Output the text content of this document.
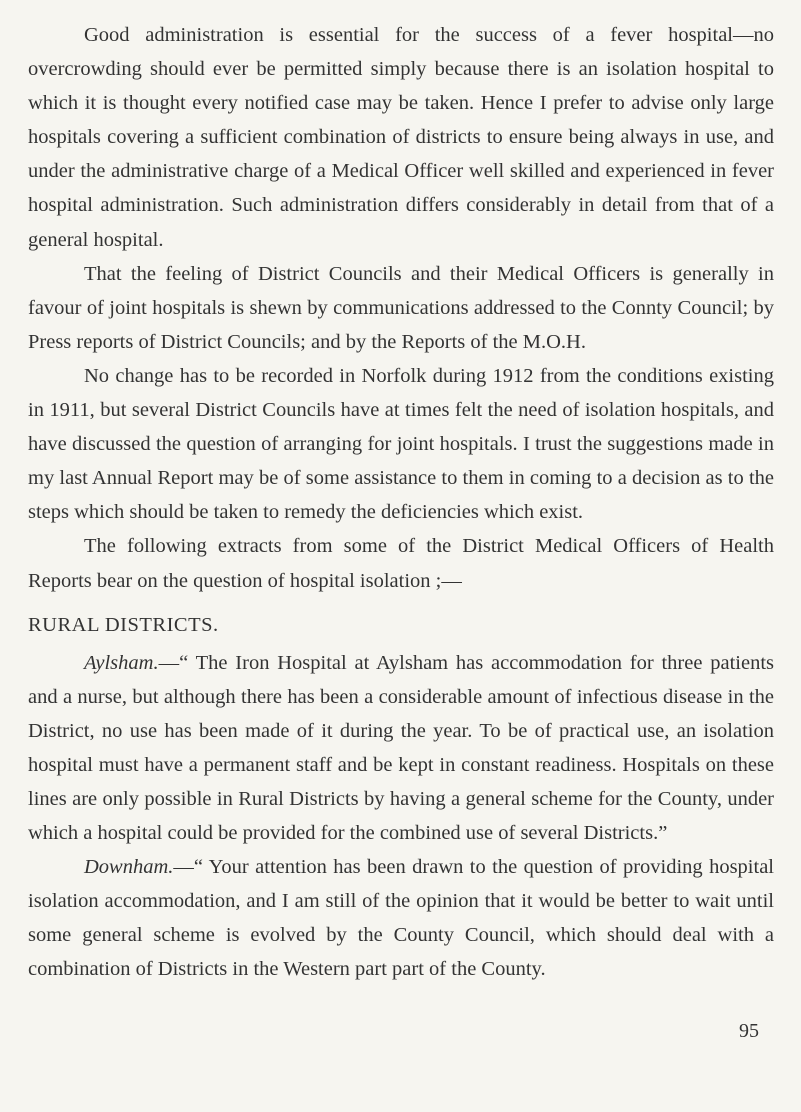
Good administration is essential for the success of a fever hospital—no overcrowding should ever be permitted simply because there is an isolation hospital to which it is thought every notified case may be taken. Hence I prefer to advise only large hospitals covering a sufficient combination of districts to ensure being always in use, and under the administrative charge of a Medical Officer well skilled and experienced in fever hospital administration. Such administration differs considerably in detail from that of a general hospital.

That the feeling of District Councils and their Medical Officers is generally in favour of joint hospitals is shewn by communications addressed to the Connty Council; by Press reports of District Councils; and by the Reports of the M.O.H.

No change has to be recorded in Norfolk during 1912 from the conditions existing in 1911, but several District Councils have at times felt the need of isolation hospitals, and have discussed the question of arranging for joint hospitals. I trust the suggestions made in my last Annual Report may be of some assistance to them in coming to a decision as to the steps which should be taken to remedy the deficiencies which exist.

The following extracts from some of the District Medical Officers of Health Reports bear on the question of hospital isolation ;—

RURAL DISTRICTS.

Aylsham.—“ The Iron Hospital at Aylsham has accommodation for three patients and a nurse, but although there has been a considerable amount of infectious disease in the District, no use has been made of it during the year. To be of practical use, an isolation hospital must have a permanent staff and be kept in constant readiness. Hospitals on these lines are only possible in Rural Districts by having a general scheme for the County, under which a hospital could be provided for the combined use of several Districts.”

Downham.—“ Your attention has been drawn to the question of providing hospital isolation accommodation, and I am still of the opinion that it would be better to wait until some general scheme is evolved by the County Council, which should deal with a combination of Districts in the Western part part of the County.

95
